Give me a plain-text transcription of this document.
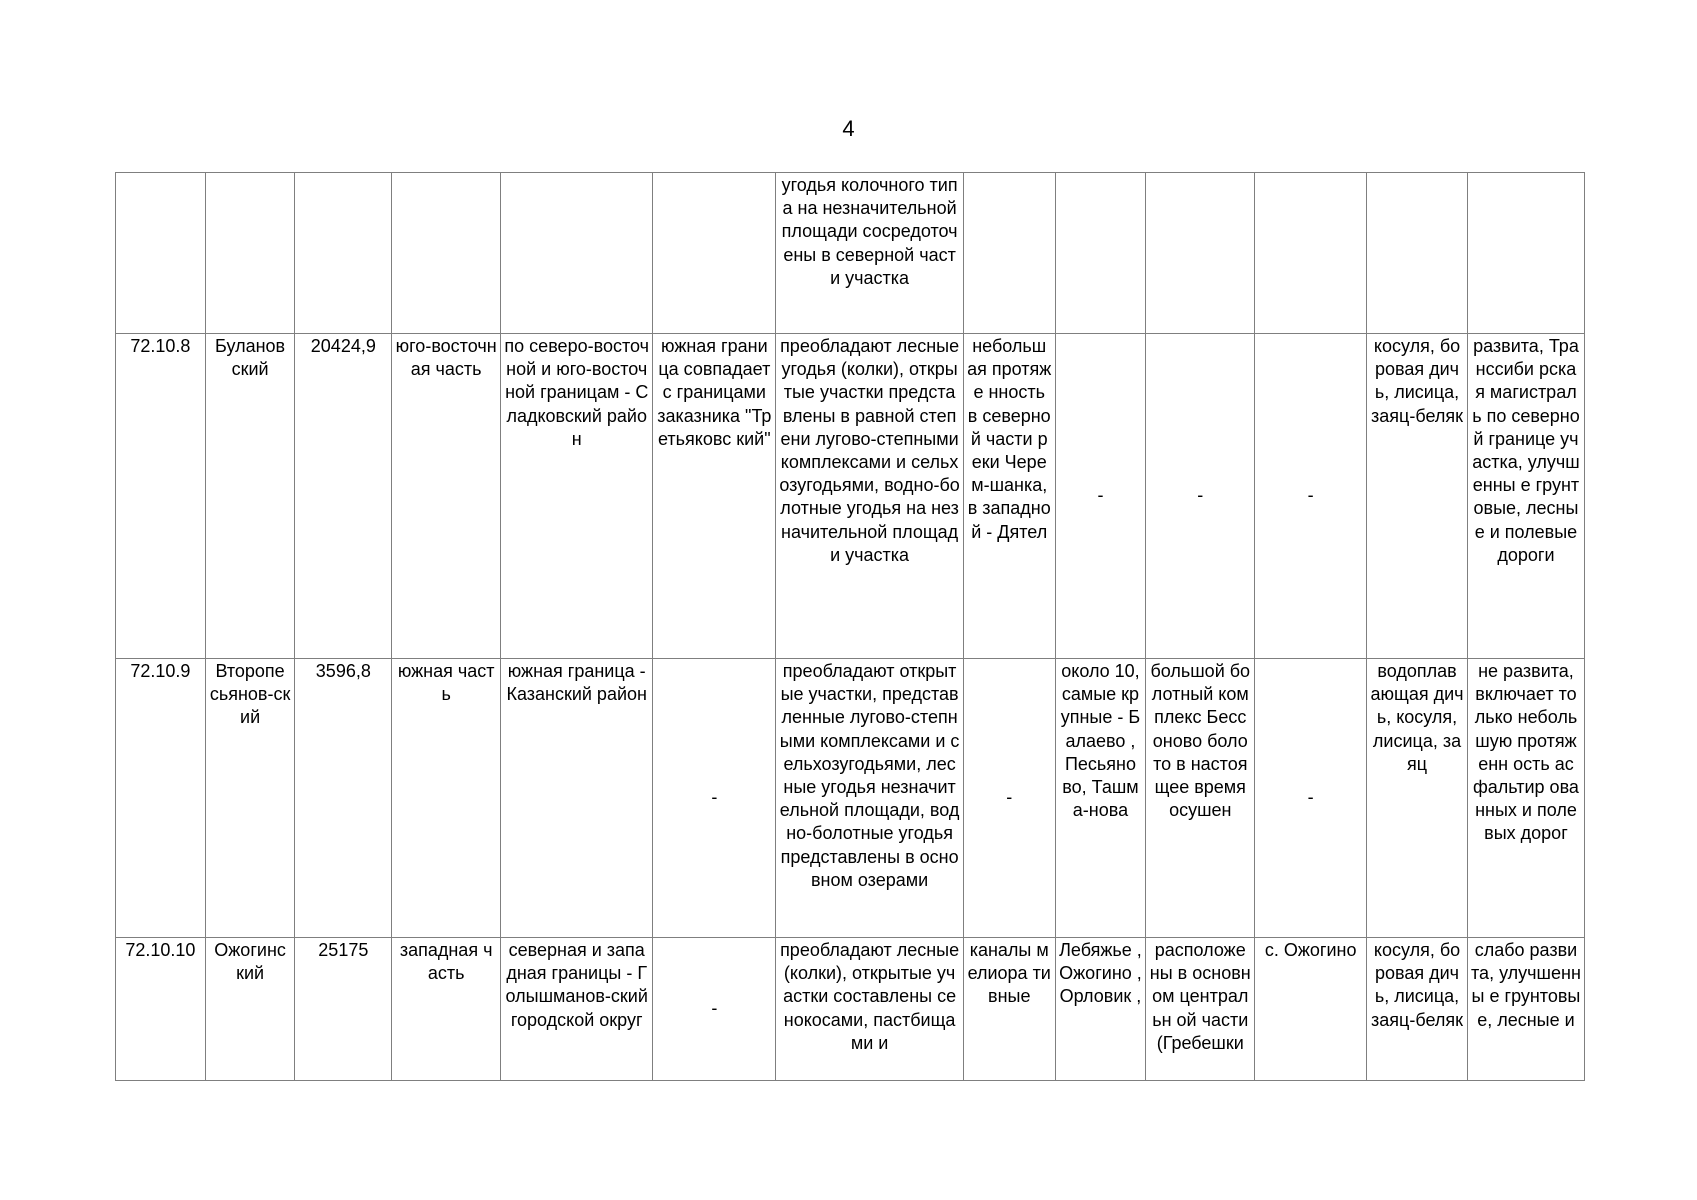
4
						угодья колочного типа на незначительной площади сосредоточены в северной части участка						
72.10.8	Буланов ский	20424,9	юго-восточная часть	по северо-восточной и юго-восточной границам - Сладковский район	южная граница совпадает с границами заказника "Третьяковс кий"	преобладают лесные угодья (колки), открытые участки представлены в равной степени лугово-степными комплексами и сельхозугодьями, водно-болотные угодья на незначительной площади участка	небольш ая протяже нность в северно й части реки Черем-шанка, в западно й - Дятел	-	-	-	косуля, боровая дичь, лисица, заяц-беляк	развита, Транссиби рская магистраль по северной границе участка, улучшенны е грунтовые, лесные и полевые дороги
72.10.9	Второпе сьянов-ский	3596,8	южная часть	южная граница - Казанский район	-	преобладают открытые участки, представленные лугово-степными комплексами и сельхозугодьями, лесные угодья незначительной площади, водно-болотные угодья представлены в основном озерами	-	около 10, самые крупные - Балаево , Песьяно во, Ташма-нова	большой болотный комплекс Бессоново болото в настоящее время осушен	-	водоплав ающая дичь, косуля, лисица, заяц	не развита, включает только небольшую протяженн ость асфальтир ованных и полевых дорог
72.10.10	Ожогинс кий	25175	западная часть	северная и западная границы - Голышманов-ский городской округ	-	преобладают лесные (колки), открытые участки составлены сенокосами, пастбищами и	каналы мелиора тивные	Лебяжье , Ожогино , Орловик ,	расположе ны в основном центральн ой части (Гребешки	с. Ожогино	косуля, боровая дичь, лисица, заяц-беляк	слабо развита, улучшенны е грунтовые, лесные и
